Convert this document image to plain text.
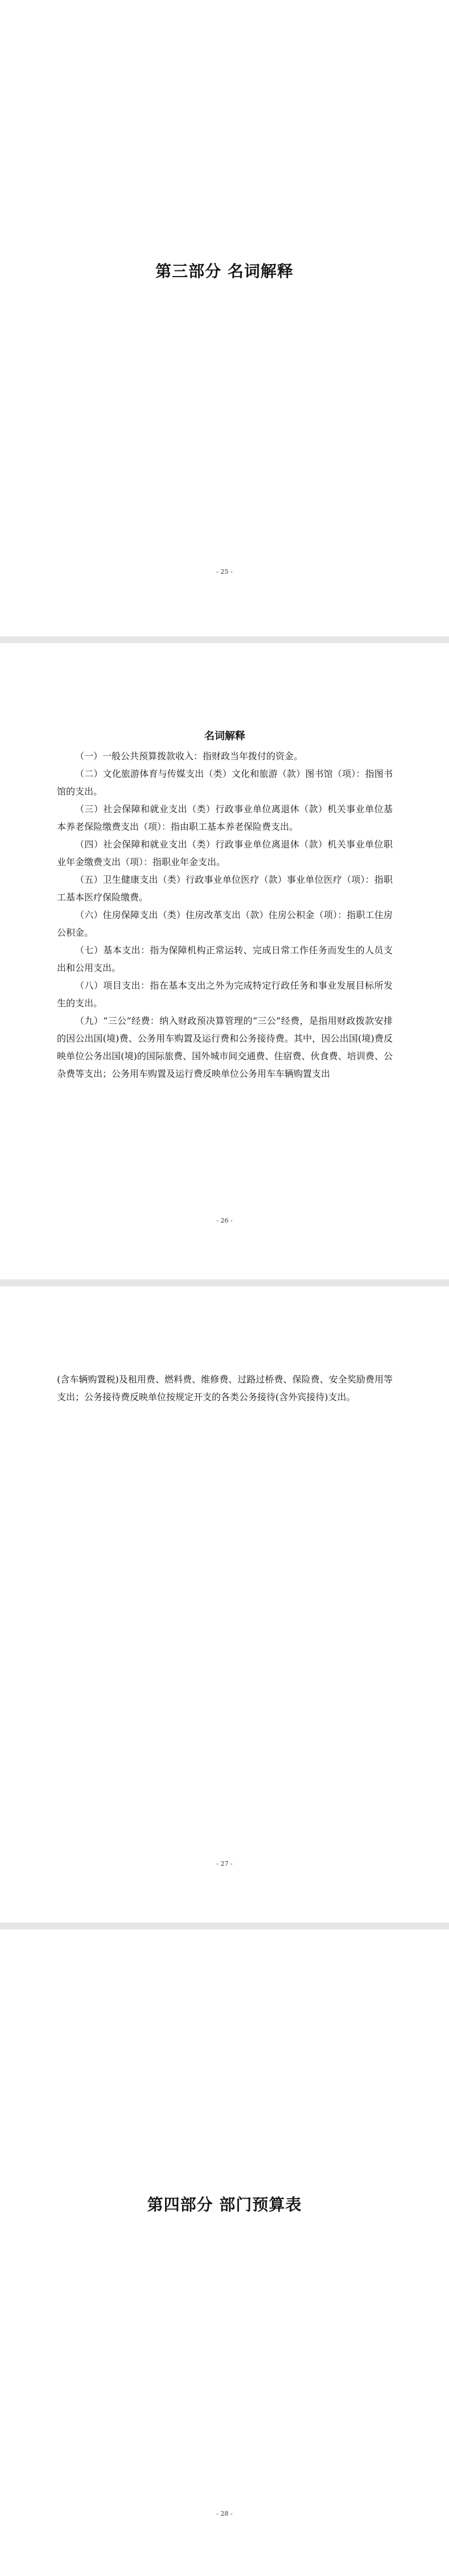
第三部分 名词解释
- 25 -
名词解释

（一）一般公共预算拨款收入：指财政当年拨付的资金。

（二）文化旅游体育与传媒支出（类）文化和旅游（款）图书馆（项）：指图书馆的支出。

（三）社会保障和就业支出（类）行政事业单位离退休（款）机关事业单位基本养老保险缴费支出（项）：指由职工基本养老保险费支出。

（四）社会保障和就业支出（类）行政事业单位离退休（款）机关事业单位职业年金缴费支出（项）：指职业年金支出。

（五）卫生健康支出（类）行政事业单位医疗（款）事业单位医疗（项）：指职工基本医疗保险缴费。

（六）住房保障支出（类）住房改革支出（款）住房公积金（项）：指职工住房公积金。

（七）基本支出：指为保障机构正常运转、完成日常工作任务而发生的人员支出和公用支出。

（八）项目支出：指在基本支出之外为完成特定行政任务和事业发展目标所发生的支出。

（九）“三公”经费：纳入财政预决算管理的“三公”经费，是指用财政拨款安排的因公出国(境)费、公务用车购置及运行费和公务接待费。其中，因公出国(境)费反映单位公务出国(境)的国际旅费、国外城市间交通费、住宿费、伙食费、培训费、公杂费等支出；公务用车购置及运行费反映单位公务用车车辆购置支出

- 26 -

(含车辆购置税)及租用费、燃料费、维修费、过路过桥费、保险费、安全奖励费用等支出；公务接待费反映单位按规定开支的各类公务接待(含外宾接待)支出。

- 27 -
第四部分 部门预算表
- 28 -
